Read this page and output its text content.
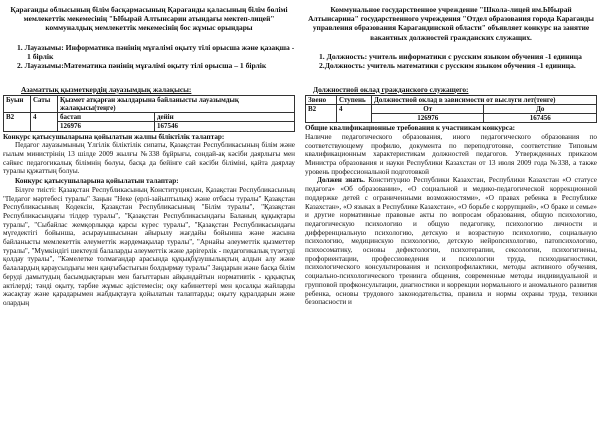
Қарағанды облысының білім басқармасының Қарағанды қаласының білім бөлімі мемлекеттік мекемесінің "Ыбырай Алтынсарин атындағы мектеп-лицей" коммуналдық мемлекеттік мекемесінің бос жұмыс орындары
1. Лауазымы: Информатика пәнінің мұғалімі оқыту тілі орысша және қазақша - 1 бірлік
2. Лауазымы:Математика пәнінің мұғалімі оқыту тілі орысша – 1 бірлік
Азаматтық қызметкердің лауазымдық жалақысы:
Буын	Саты	Қызмет атқарған жылдарына байланысты лауазымдық жалақысы(теңге)	
В2	4	бастап	дейін
		126976	167546
Конкурс қатысушыларына қойылатын жалпы біліктілік талаптар:

Педагог лауазымының Үлгілік біліктілік сипаты, Қазақстан Республикасының білім және ғылым министрінің 13 шілде 2009 жылғы №338 бұйрығы, сондай-ақ кәсіби даярлығы мен сәйкес педагогикалық білімнің бөлуы, басқа да бейінге сай кәсіби біліміні, қайта даярлау туралы құжаттың болуы.

Конкурс қатысушыларына қойылатын талаптар:

Білуге тиісті: Қазақстан Республикасының Конституциясын, Қазақстан Республикасының "Педагог мәртебесі туралы" Заңын "Неке (ерлі-зайыптылық) және отбасы туралы" Қазақстан Республикасының Кодексін, Қазақстан Республикасының "Білім туралы", "Қазақстан Республикасындағы тілдер туралы", "Қазақстан Республикасындағы Баланың құқықтары туралы", "Сыбайлас жемқорлыққа қарсы күрес туралы", "Қазақстан Республикасындағы мүгедектігі бойынша, асырауышысынан айырылу жағдайы бойынша және жасына байланысты мемлекеттік әлеуметтік жәрдемақылар туралы", "Арнайы әлеуметтік қызметтер туралы", "Мүмкіндігі шектеулі балаларды әлеуметтік және дәрігерлік - педагогикалық түзетуді қолдау туралы", "Кәмелетке толмағандар арасында құқықбұзушылықтың алдын алу және балалардың қараусыздығы мен қаңғыбастығын болдырмау туралы" Заңдарын және басқа білім беруді дамытудың басымдықтарын мен бағыттарын айқындайтын нормативтік - құқықтық актілерді; тәнді оқыту, тәрбие жұмыс әдістемесін; оқу кабинеттері мен қосалқы жайларды жасақтау және қарадарымен жабдықтауға қойылатын талаптарды; оқыту құралдарын және олардың

Коммунальное государственное учреждение "Школа-лицей им.Ыбырай Алтынсарина" государственного учреждения "Отдел образования города Караганды управления образования Карагандинской области" объявляет конкурс на занятие вакантных должностей гражданских служащих.
1. Должность: учитель информатики с русским языком обучения -1 единица
2.Должность: учитель математики с русским языком обучения -1 единица.
Должностной оклад гражданского служащего:
Звено	Ступень	Должностной оклад в зависимости от выслуги лет(тенге)	
В2	4	От	До
		126976	167456
Общие квалификационные требования к участникам конкурса:

Наличие педагогического образования, иного педагогического образования по соответствующему профилю, документа по переподготовке, соответствие Типовым квалификационным характеристикам должностей педагогов. Утвержденных приказом Министра образования и науки Республики Казахстан от 13 июля 2009 года №338, а также уровень профессиональной подготовкой

Должен знать. Конституцию Республики Казахстан, Республики Казахстан «О статусе педагога» «Об образовании», «О социальной и медико-педагогической коррекционной поддержке детей с ограниченными возможностями», «О правах ребенка в Республике Казахстан», «О языках в Республике Казахстан», «О борьбе с коррупцией», «О браке и семье» и другие нормативные правовые акты по вопросам образования, общую психологию, педагогическую психологию и общую педагогику, психологию личности и дифференциальную психологию, детскую и возрастную психологию, социальную психологию, медицинскую психологию, детскую нейропсихологию, патопсихологию, психосоматику, основы дефектологии, психотерапии, сексологии, психогигиены, профориентации, профессиоведения и психологии труда, психодиагностики, психологического консультирования и психопрофилактики, методы активного обучения, социально-психологического тренинга общения, современные методы индивидуальной и групповой профконсультации, диагностики и коррекции нормального и аномального развития ребенка, основы трудового законодательства, правила и нормы охраны труда, техники безопасности и
